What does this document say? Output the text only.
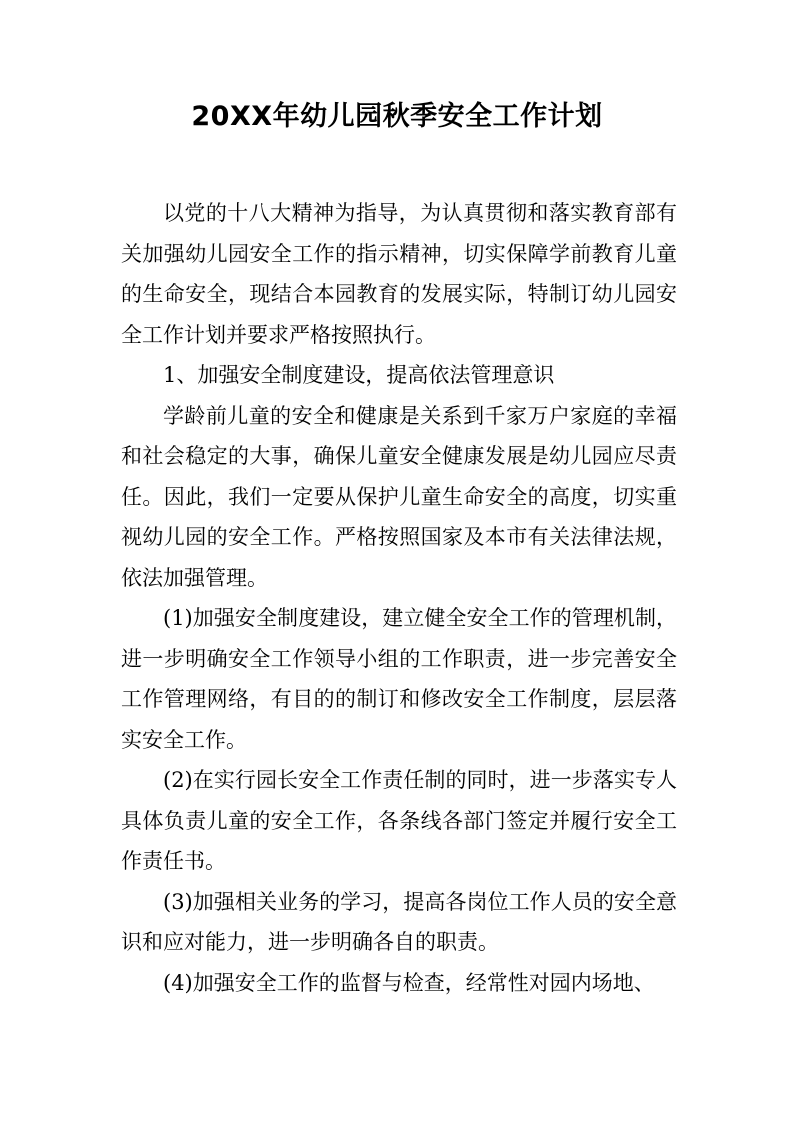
20XX年幼儿园秋季安全工作计划

以党的十八大精神为指导，为认真贯彻和落实教育部有关加强幼儿园安全工作的指示精神，切实保障学前教育儿童的生命安全，现结合本园教育的发展实际，特制订幼儿园安全工作计划并要求严格按照执行。

1、加强安全制度建设，提高依法管理意识

学龄前儿童的安全和健康是关系到千家万户家庭的幸福和社会稳定的大事，确保儿童安全健康发展是幼儿园应尽责任。因此，我们一定要从保护儿童生命安全的高度，切实重视幼儿园的安全工作。严格按照国家及本市有关法律法规，依法加强管理。

(1)加强安全制度建设，建立健全安全工作的管理机制，进一步明确安全工作领导小组的工作职责，进一步完善安全工作管理网络，有目的的制订和修改安全工作制度，层层落实安全工作。

(2)在实行园长安全工作责任制的同时，进一步落实专人具体负责儿童的安全工作，各条线各部门签定并履行安全工作责任书。

(3)加强相关业务的学习，提高各岗位工作人员的安全意识和应对能力，进一步明确各自的职责。

(4)加强安全工作的监督与检查，经常性对园内场地、
